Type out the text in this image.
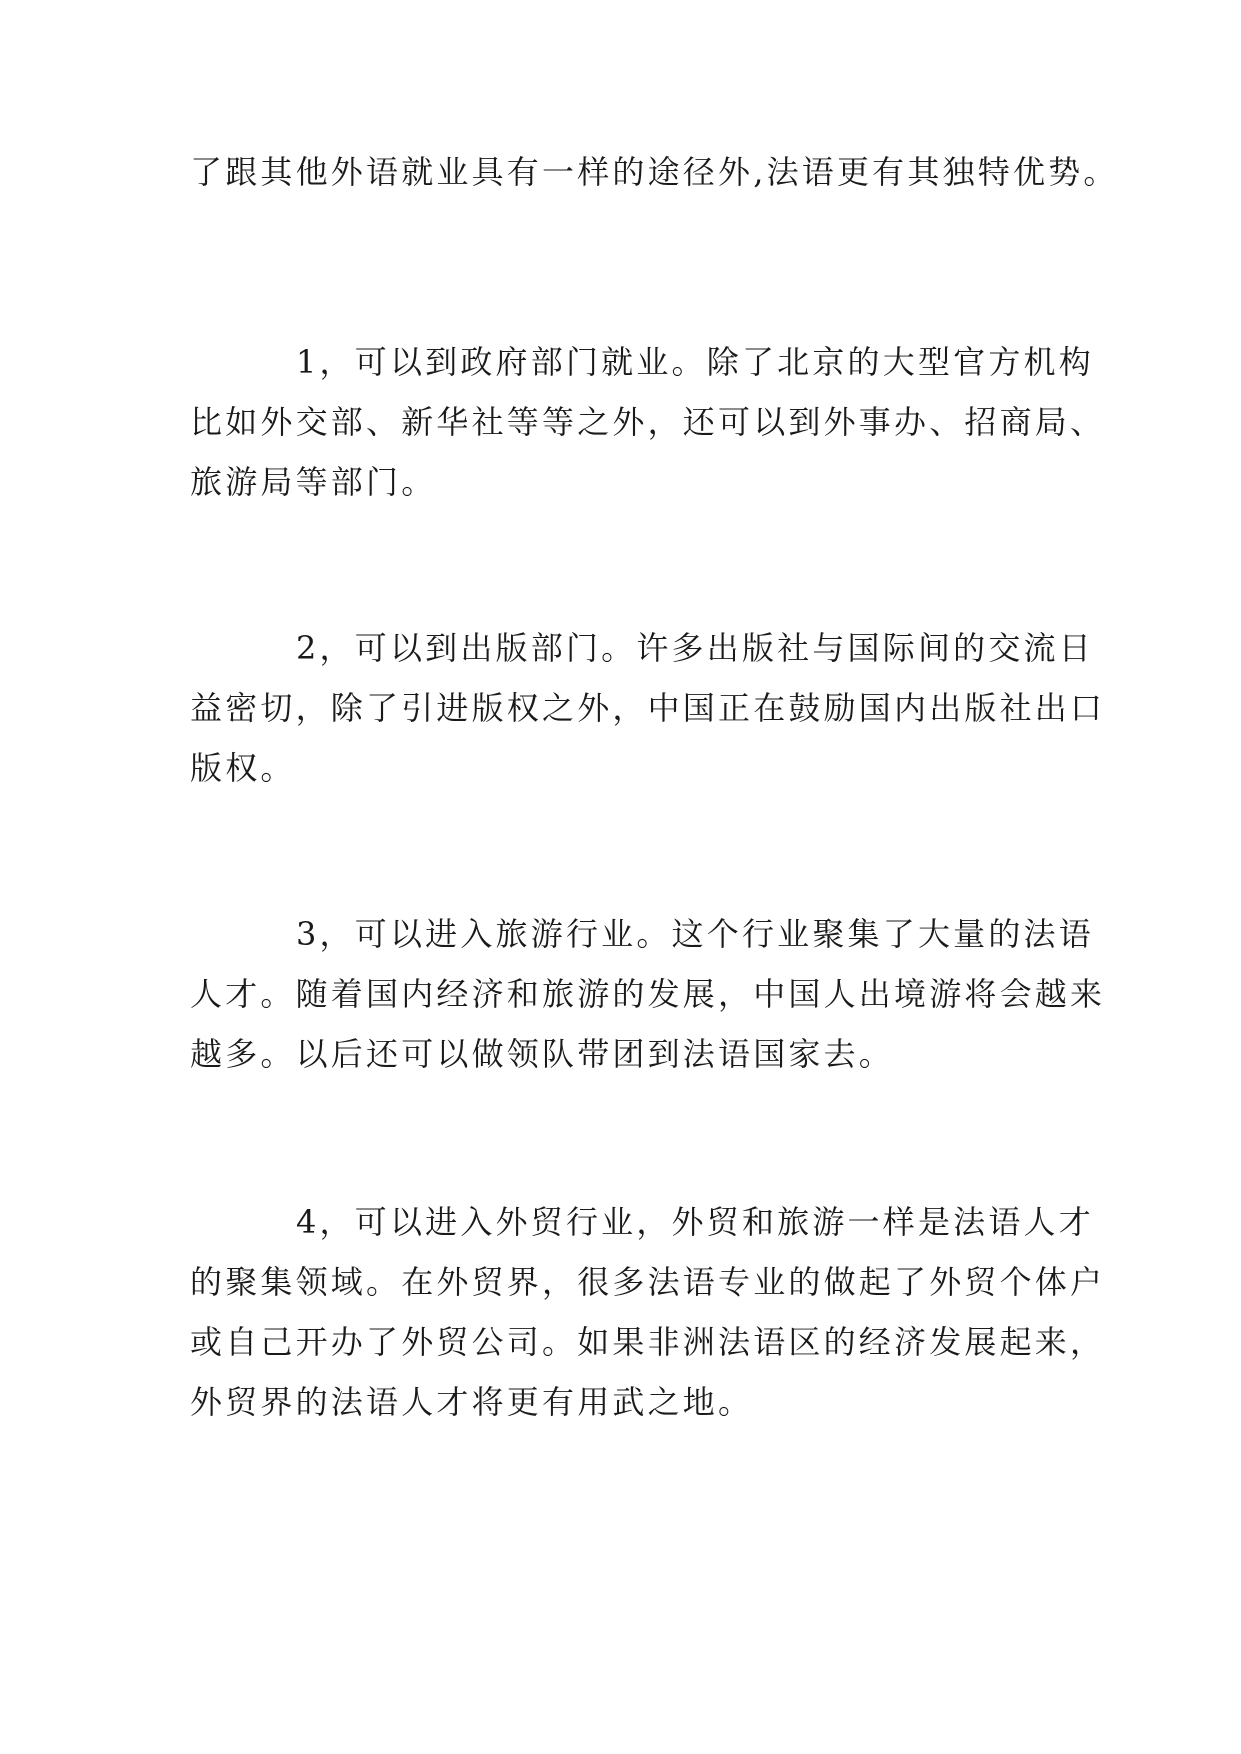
了跟其他外语就业具有一样的途径外,法语更有其独特优势。
1，可以到政府部门就业。除了北京的大型官方机构
比如外交部、新华社等等之外，还可以到外事办、招商局、
旅游局等部门。
2，可以到出版部门。许多出版社与国际间的交流日
益密切，除了引进版权之外，中国正在鼓励国内出版社出口
版权。
3，可以进入旅游行业。这个行业聚集了大量的法语
人才。随着国内经济和旅游的发展，中国人出境游将会越来
越多。以后还可以做领队带团到法语国家去。
4，可以进入外贸行业，外贸和旅游一样是法语人才
的聚集领域。在外贸界，很多法语专业的做起了外贸个体户
或自己开办了外贸公司。如果非洲法语区的经济发展起来，
外贸界的法语人才将更有用武之地。
